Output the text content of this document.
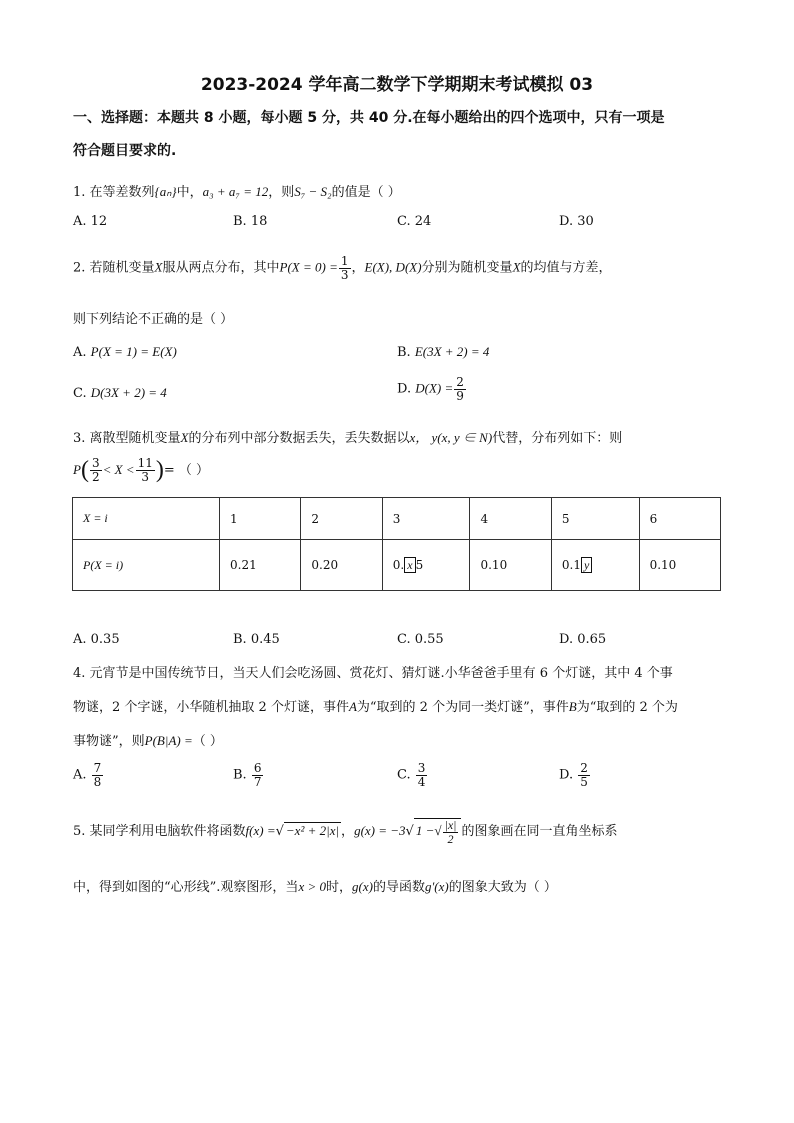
2023-2024 学年高二数学下学期期末考试模拟 03
一、选择题：本题共 8 小题，每小题 5 分，共 40 分.在每小题给出的四个选项中，只有一项是
符合题目要求的.
1. 在等差数列{aₙ}中，a₃ + a₇ = 12，则S₇ − S₂的值是（ ）
A. 12	B. 18	C. 24	D. 30
2. 若随机变量X服从两点分布，其中$P(X = 0) = \frac{1}{3}$ ，E(X), D(X)分别为随机变量X的均值与方差，
则下列结论不正确的是（ ）
A. P(X = 1) = E(X)	B. E(3X + 2) = 4
C. D(3X + 2) = 4	D. $D(X) = \frac{2}{9}$
3. 离散型随机变量X的分布列中部分数据丢失，丢失数据以x， y(x, y ∈ N)代替，分布列如下：则
$P( \frac{3}{2} < X < \frac{11}{3}$ )= （ ）
X = i	1	2	3	4	5	6
P(X = i)	0.21	0.20	0. x 5	0.10	0.1 y	0.10
A. 0.35	B. 0.45	C. 0.55	D. 0.65
4. 元宵节是中国传统节日，当天人们会吃汤圆、赏花灯、猜灯谜.小华爸爸手里有 6 个灯谜，其中 4 个事
物谜，2 个字谜，小华随机抽取 2 个灯谜，事件A为“取到的 2 个为同一类灯谜”，事件B为“取到的 2 个为
事物谜”，则P(B|A) =（ ）
A. $\frac{7}{8}$	B. $\frac{6}{7}$	C. $\frac{3}{4}$	D. $\frac{2}{5}$
5. 某同学利用电脑软件将函数f(x) =√ −x² + 2|x| ，g(x) = −3√ 1 −√ $\frac{|x|}{2}$ 的图象画在同一直角坐标系
中，得到如图的“心形线”.观察图形，当x > 0时，g(x)的导函数g′(x)的图象大致为（ ）
